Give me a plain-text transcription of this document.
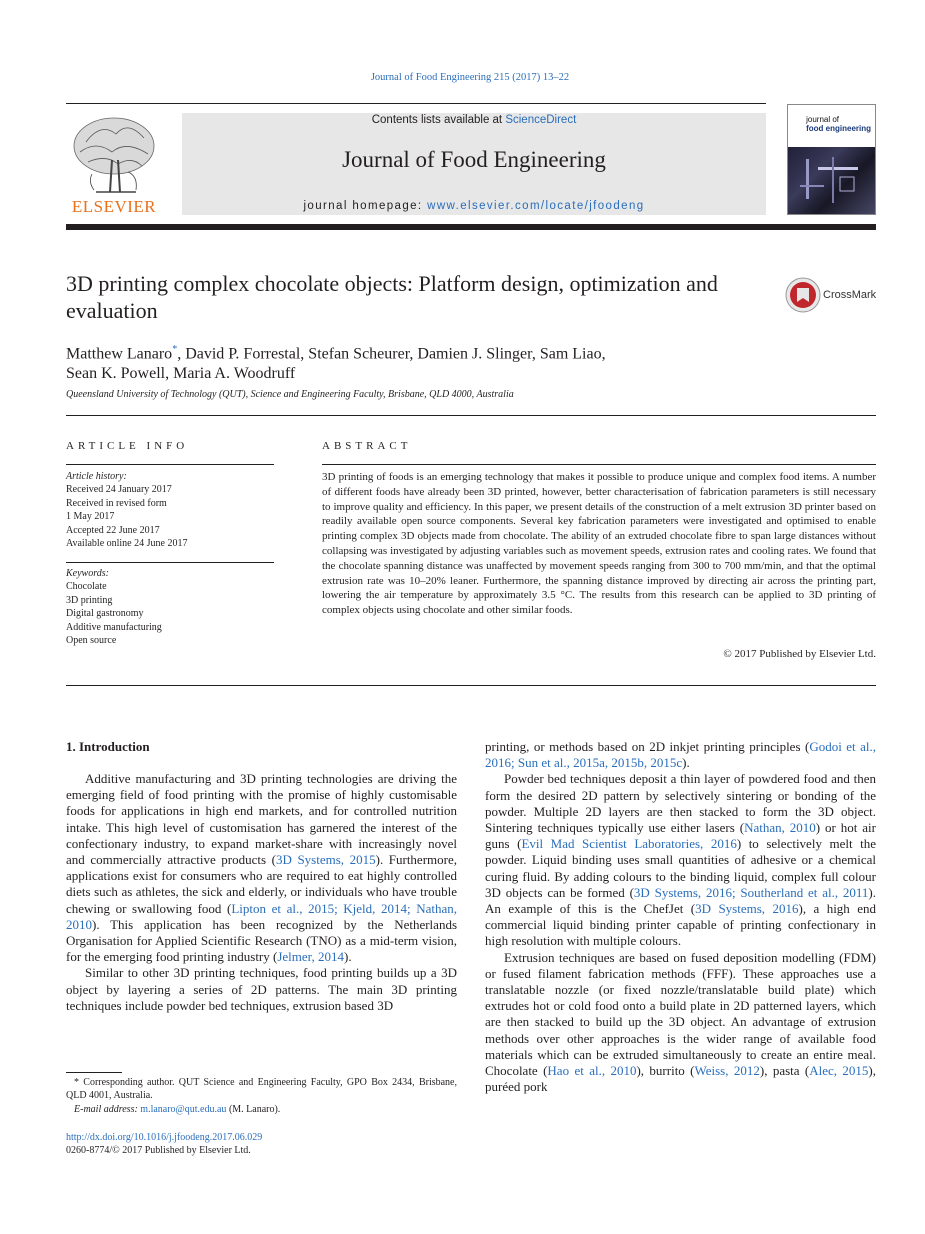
Journal of Food Engineering 215 (2017) 13–22
ELSEVIER
Contents lists available at ScienceDirect
Journal of Food Engineering
journal homepage: www.elsevier.com/locate/jfoodeng
journal of
food engineering
3D printing complex chocolate objects: Platform design, optimization and evaluation
CrossMark
Matthew Lanaro*, David P. Forrestal, Stefan Scheurer, Damien J. Slinger, Sam Liao,
Sean K. Powell, Maria A. Woodruff
Queensland University of Technology (QUT), Science and Engineering Faculty, Brisbane, QLD 4000, Australia
ARTICLE INFO
Article history:
Received 24 January 2017
Received in revised form
1 May 2017
Accepted 22 June 2017
Available online 24 June 2017
Keywords:
Chocolate
3D printing
Digital gastronomy
Additive manufacturing
Open source
ABSTRACT
3D printing of foods is an emerging technology that makes it possible to produce unique and complex food items. A number of different foods have already been 3D printed, however, better characterisation of fabrication parameters is still necessary to improve quality and efficiency. In this paper, we present details of the construction of a melt extrusion 3D printer based on readily available open source components. Several key fabrication parameters were investigated and optimised to enable printing complex 3D objects made from chocolate. The ability of an extruded chocolate fibre to span large distances without collapsing was investigated by adjusting variables such as movement speeds, extrusion rates and cooling rates. We found that the chocolate spanning distance was unaffected by movement speeds ranging from 300 to 700 mm/min, and that the optimal extrusion rate was 10–20% leaner. Furthermore, the spanning distance improved by directing air across the printing part, lowering the air temperature by approximately 3.5 °C. The results from this research can be applied to 3D printing of complex objects using chocolate and other similar foods.
© 2017 Published by Elsevier Ltd.
1. Introduction

Additive manufacturing and 3D printing technologies are driving the emerging field of food printing with the promise of highly customisable foods for applications in high end markets, and for controlled nutrition intake. This high level of customisation has garnered the interest of the confectionary industry, to expand market-share with increasingly novel and commercially attractive products (3D Systems, 2015). Furthermore, applications exist for consumers who are required to eat highly controlled diets such as athletes, the sick and elderly, or individuals who have trouble chewing or swallowing food (Lipton et al., 2015; Kjeld, 2014; Nathan, 2010). This application has been recognized by the Netherlands Organisation for Applied Scientific Research (TNO) as a mid-term vision, for the emerging food printing industry (Jelmer, 2014).

Similar to other 3D printing techniques, food printing builds up a 3D object by layering a series of 2D patterns. The main 3D printing techniques include powder bed techniques, extrusion based 3D

printing, or methods based on 2D inkjet printing principles (Godoi et al., 2016; Sun et al., 2015a, 2015b, 2015c).

Powder bed techniques deposit a thin layer of powdered food and then form the desired 2D pattern by selectively sintering or bonding of the powder. Multiple 2D layers are then stacked to form the 3D object. Sintering techniques typically use either lasers (Nathan, 2010) or hot air guns (Evil Mad Scientist Laboratories, 2016) to selectively melt the powder. Liquid binding uses small quantities of adhesive or a chemical curing fluid. By adding colours to the binding liquid, complex full colour 3D objects can be formed (3D Systems, 2016; Southerland et al., 2011). An example of this is the ChefJet (3D Systems, 2016), a high end commercial liquid binding printer capable of printing confectionary in high resolution with multiple colours.

Extrusion techniques are based on fused deposition modelling (FDM) or fused filament fabrication methods (FFF). These approaches use a translatable nozzle (or fixed nozzle/translatable build plate) which extrudes hot or cold food onto a build plate in 2D patterned layers, which are then stacked to build up the 3D object. An advantage of extrusion methods over other approaches is the wider range of available food materials which can be extruded simultaneously to create an entire meal. Chocolate (Hao et al., 2010), burrito (Weiss, 2012), pasta (Alec, 2015), puréed pork

* Corresponding author. QUT Science and Engineering Faculty, GPO Box 2434, Brisbane, QLD 4001, Australia.

E-mail address: m.lanaro@qut.edu.au (M. Lanaro).

http://dx.doi.org/10.1016/j.jfoodeng.2017.06.029
0260-8774/© 2017 Published by Elsevier Ltd.
